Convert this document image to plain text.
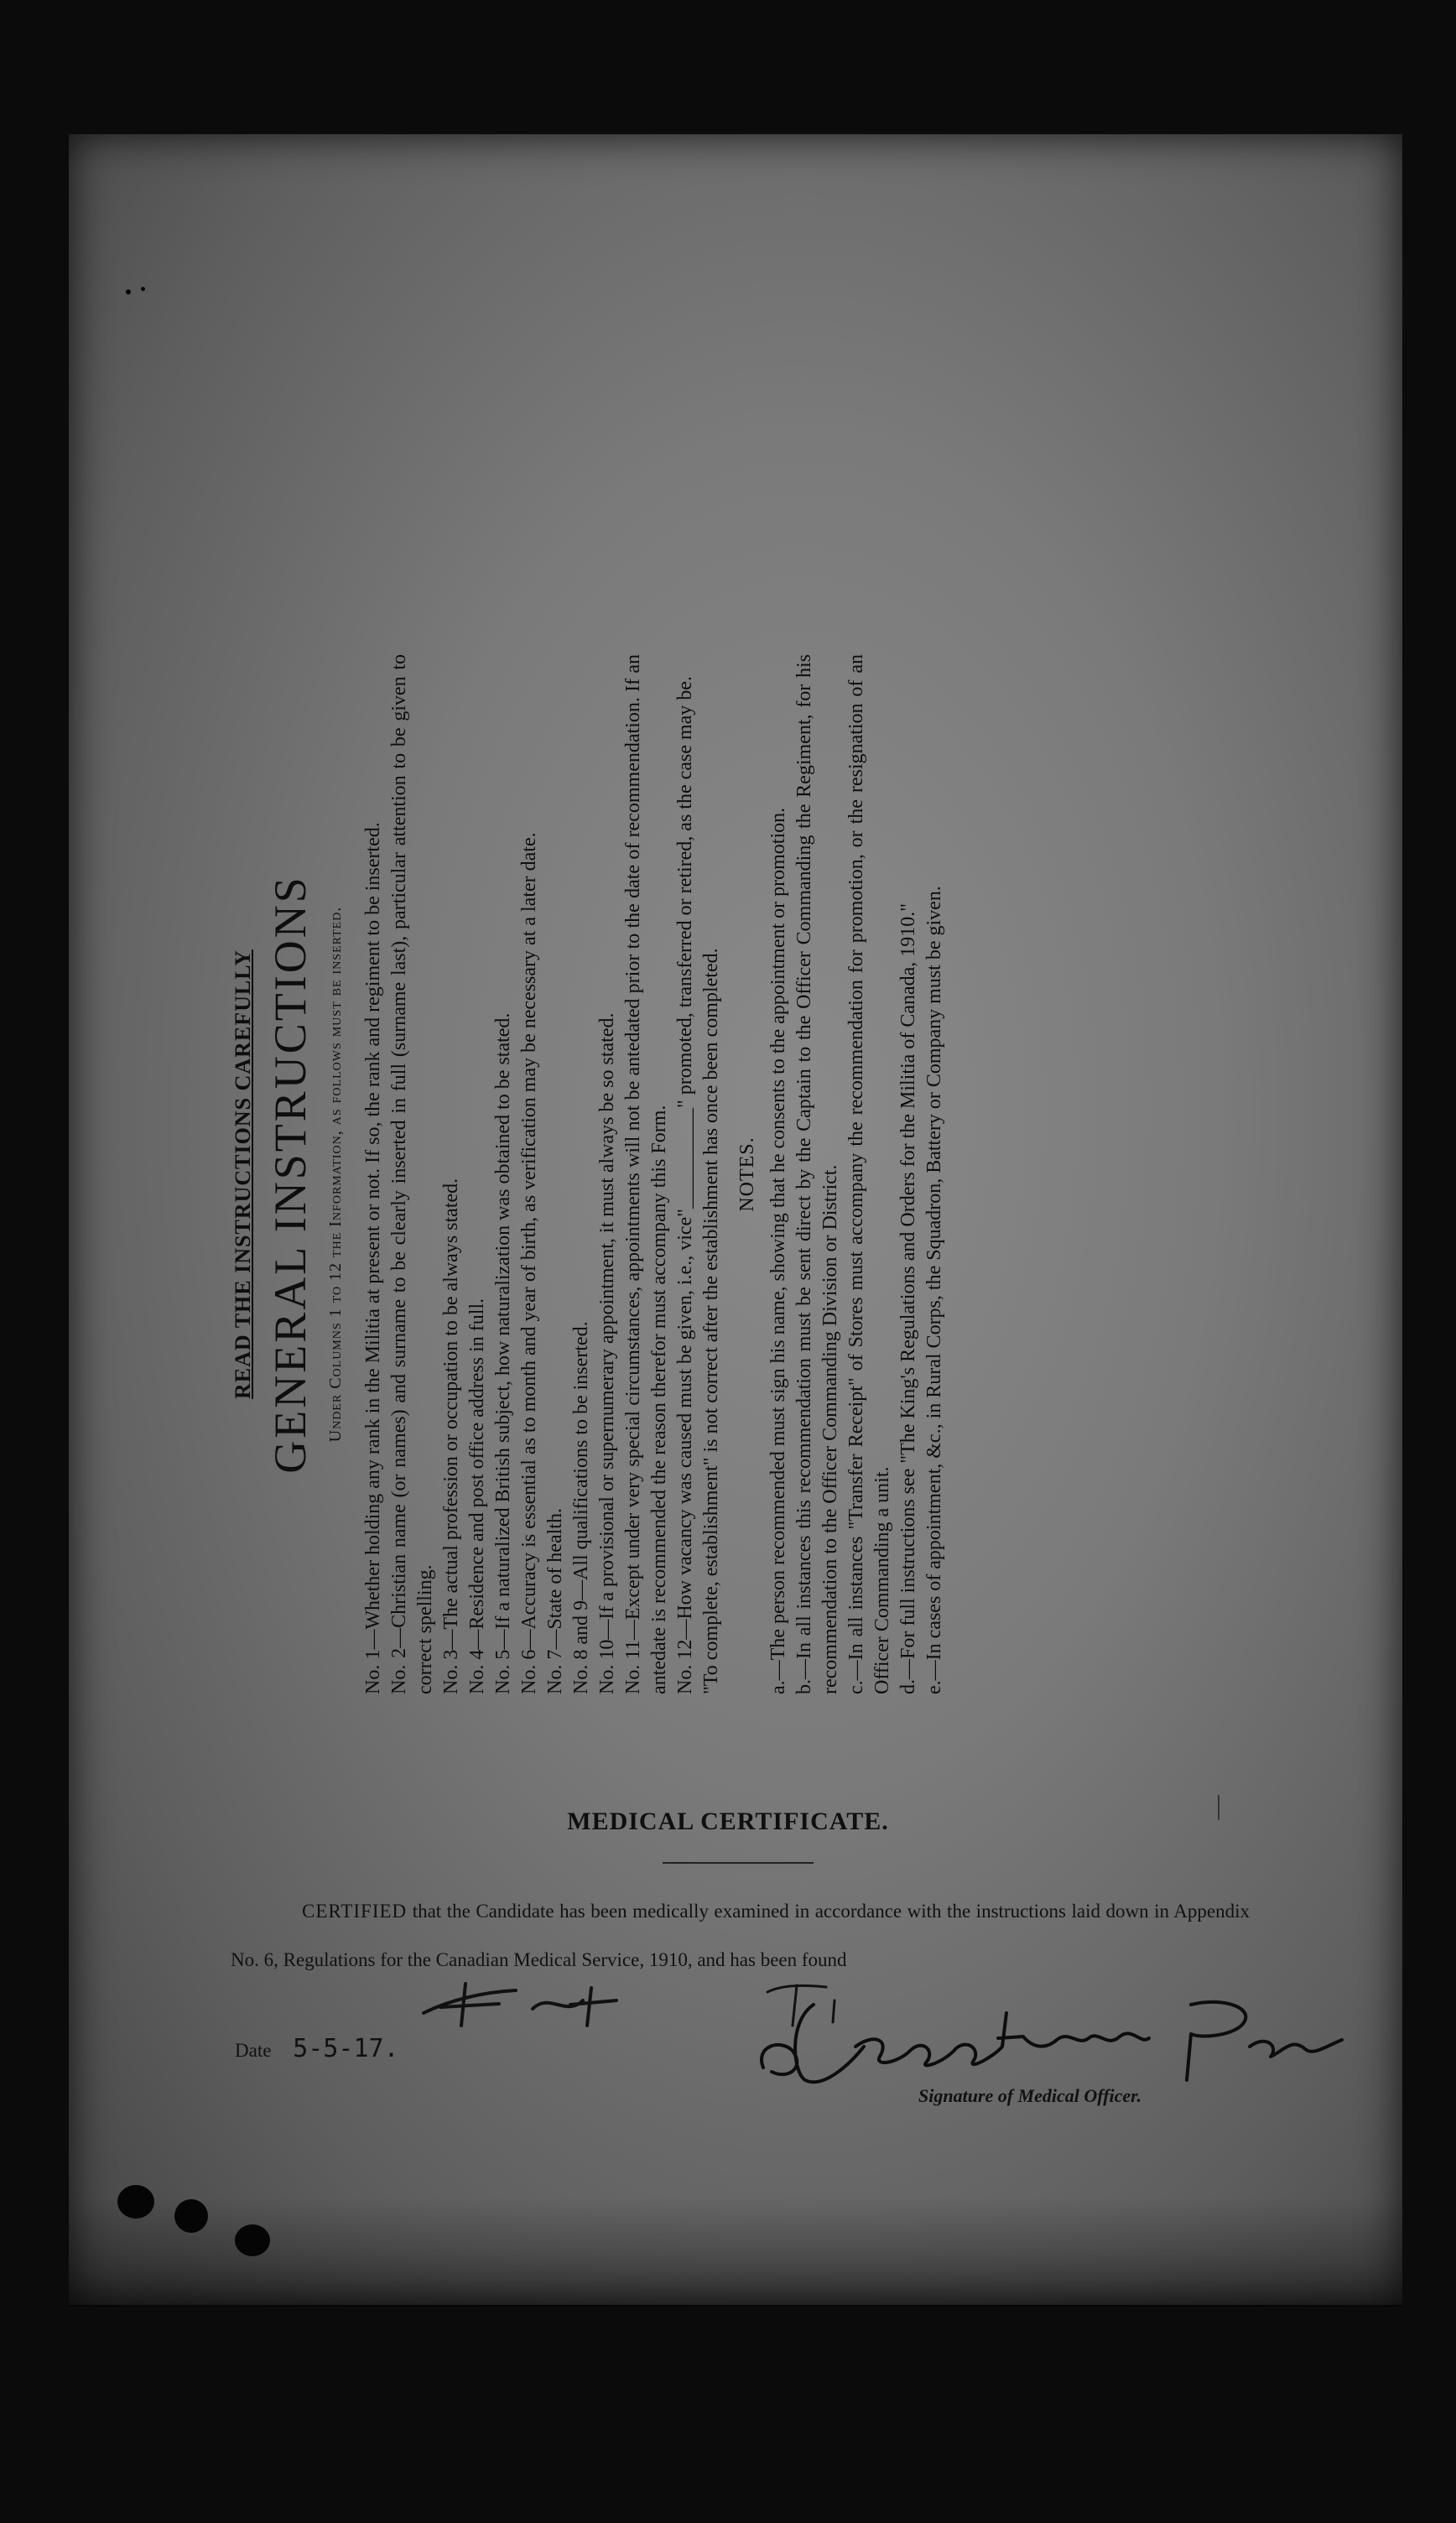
READ THE INSTRUCTIONS CAREFULLY GENERAL INSTRUCTIONS Under Columns 1 to 12 the Information, as follows must be inserted. No. 1—Whether holding any rank in the Militia at present or not. If so, the rank and regiment to be inserted. No. 2—Christian name (or names) and surname to be clearly inserted in full (surname last), particular attention to be given to correct spelling. No. 3—The actual profession or occupation to be always stated. No. 4—Residence and post office address in full. No. 5—If a naturalized British subject, how naturalization was obtained to be stated. No. 6—Accuracy is essential as to month and year of birth, as verification may be necessary at a later date. No. 7—State of health. No. 8 and 9—All qualifications to be inserted. No. 10—If a provisional or supernumerary appointment, it must always be so stated. No. 11—Except under very special circumstances, appointments will not be antedated prior to the date of recommendation. If an antedate is recommended the reason therefor must accompany this Form. No. 12—How vacancy was caused must be given, i.e., vice"__________" promoted, transferred or retired, as the case may be. "To complete, establishment" is not correct after the establishment has once been completed. NOTES. a.—The person recommended must sign his name, showing that he consents to the appointment or promotion. b.—In all instances this recommendation must be sent direct by the Captain to the Officer Commanding the Regiment, for his recommendation to the Officer Commanding Division or District. c.—In all instances "Transfer Receipt" of Stores must accompany the recommendation for promotion, or the resignation of an Officer Commanding a unit. d.—For full instructions see "The King's Regulations and Orders for the Militia of Canada, 1910." e.—In cases of appointment, &c., in Rural Corps, the Squadron, Battery or Company must be given.

MEDICAL CERTIFICATE.
CERTIFIED that the Candidate has been medically examined in accordance with the instructions laid down in Appendix No. 6, Regulations for the Canadian Medical Service, 1910, and has been found
Date 5-5-17.
Signature of Medical Officer.
